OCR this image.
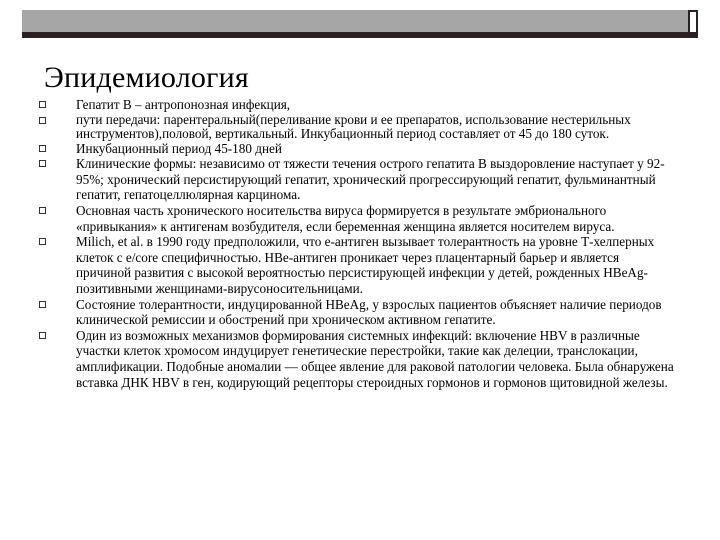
Эпидемиология
Гепатит В – антропонозная инфекция,
пути передачи: парентеральный(переливание крови и ее препаратов, использование нестерильных инструментов),половой, вертикальный. Инкубационный период составляет от 45 до 180 суток.
Инкубационный период 45-180 дней
Клинические формы: независимо от тяжести течения острого гепатита В выздоровление наступает у 92-95%; хронический персистирующий гепатит, хронический прогрессирующий гепатит, фульминантный гепатит, гепатоцеллюлярная карцинома.
Основная часть хронического носительства вируса формируется в результате эмбрионального «привыкания» к антигенам возбудителя, если беременная женщина является носителем вируса.
Milich, et al. в 1990 году предположили, что е-антиген вызывает толерантность на уровне Т-хелперных клеток с е/core специфичностью. HBe-антиген проникает через плацентарный барьер и является причиной развития с высокой вероятностью персистирующей инфекции у детей, рожденных HBeAg-позитивными женщинами-вирусоносительницами.
Состояние толерантности, индуцированной HBeAg, у взрослых пациентов объясняет наличие периодов клинической ремиссии и обострений при хроническом активном гепатите.
Один из возможных механизмов формирования системных инфекций: включение HBV в различные участки клеток хромосом индуцирует генетические перестройки, такие как делеции, транслокации, амплификации. Подобные аномалии — общее явление для раковой патологии человека. Была обнаружена вставка ДНК HBV в ген, кодирующий рецепторы стероидных гормонов и гормонов щитовидной железы.
